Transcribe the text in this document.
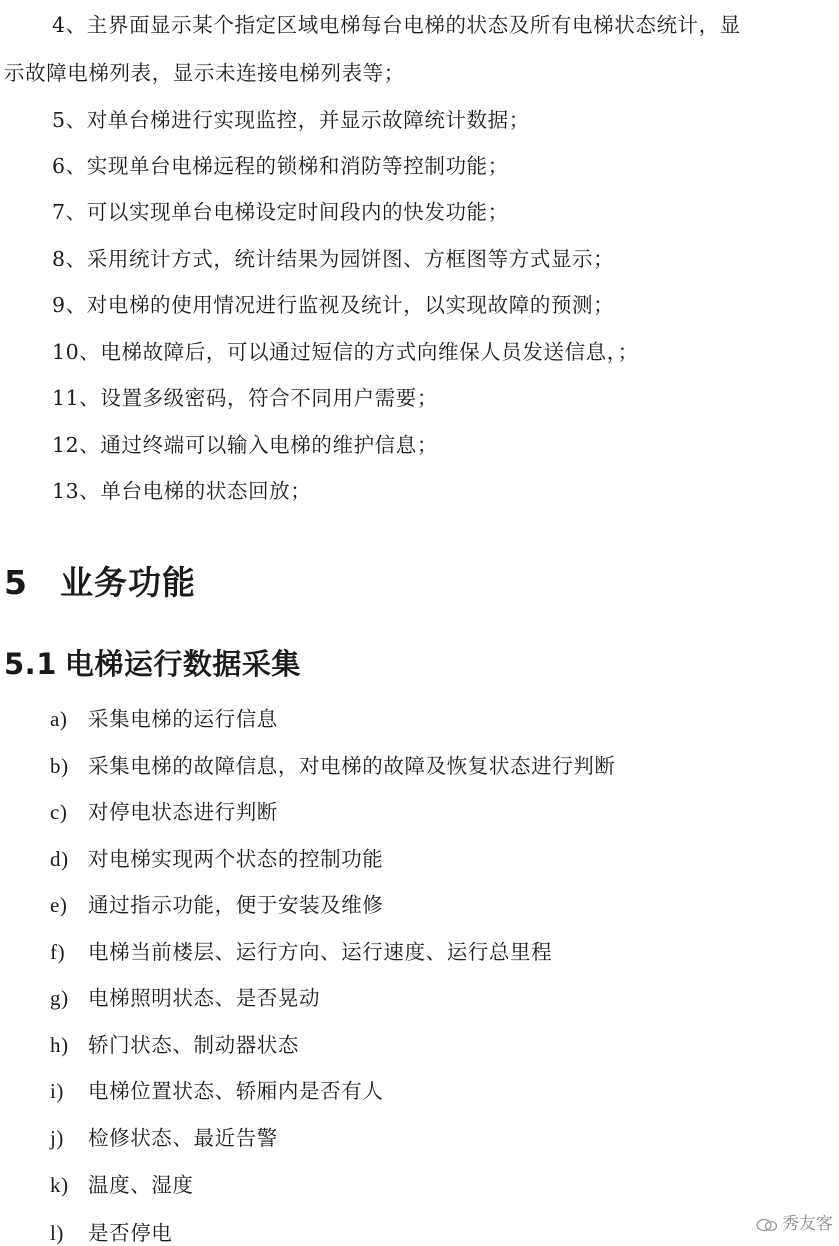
4、主界面显示某个指定区域电梯每台电梯的状态及所有电梯状态统计，显
示故障电梯列表，显示未连接电梯列表等；
5、对单台梯进行实现监控，并显示故障统计数据；
6、实现单台电梯远程的锁梯和消防等控制功能；
7、可以实现单台电梯设定时间段内的快发功能；
8、采用统计方式，统计结果为园饼图、方框图等方式显示；
9、对电梯的使用情况进行监视及统计，以实现故障的预测；
10、电梯故障后，可以通过短信的方式向维保人员发送信息，；
11、设置多级密码，符合不同用户需要；
12、通过终端可以输入电梯的维护信息；
13、单台电梯的状态回放；
5 业务功能
5.1 电梯运行数据采集
a) 采集电梯的运行信息
b) 采集电梯的故障信息，对电梯的故障及恢复状态进行判断
c) 对停电状态进行判断
d) 对电梯实现两个状态的控制功能
e) 通过指示功能，便于安装及维修
f) 电梯当前楼层、运行方向、运行速度、运行总里程
g) 电梯照明状态、是否晃动
h) 轿门状态、制动器状态
i) 电梯位置状态、轿厢内是否有人
j) 检修状态、最近告警
k) 温度、湿度
l) 是否停电	秀友客
